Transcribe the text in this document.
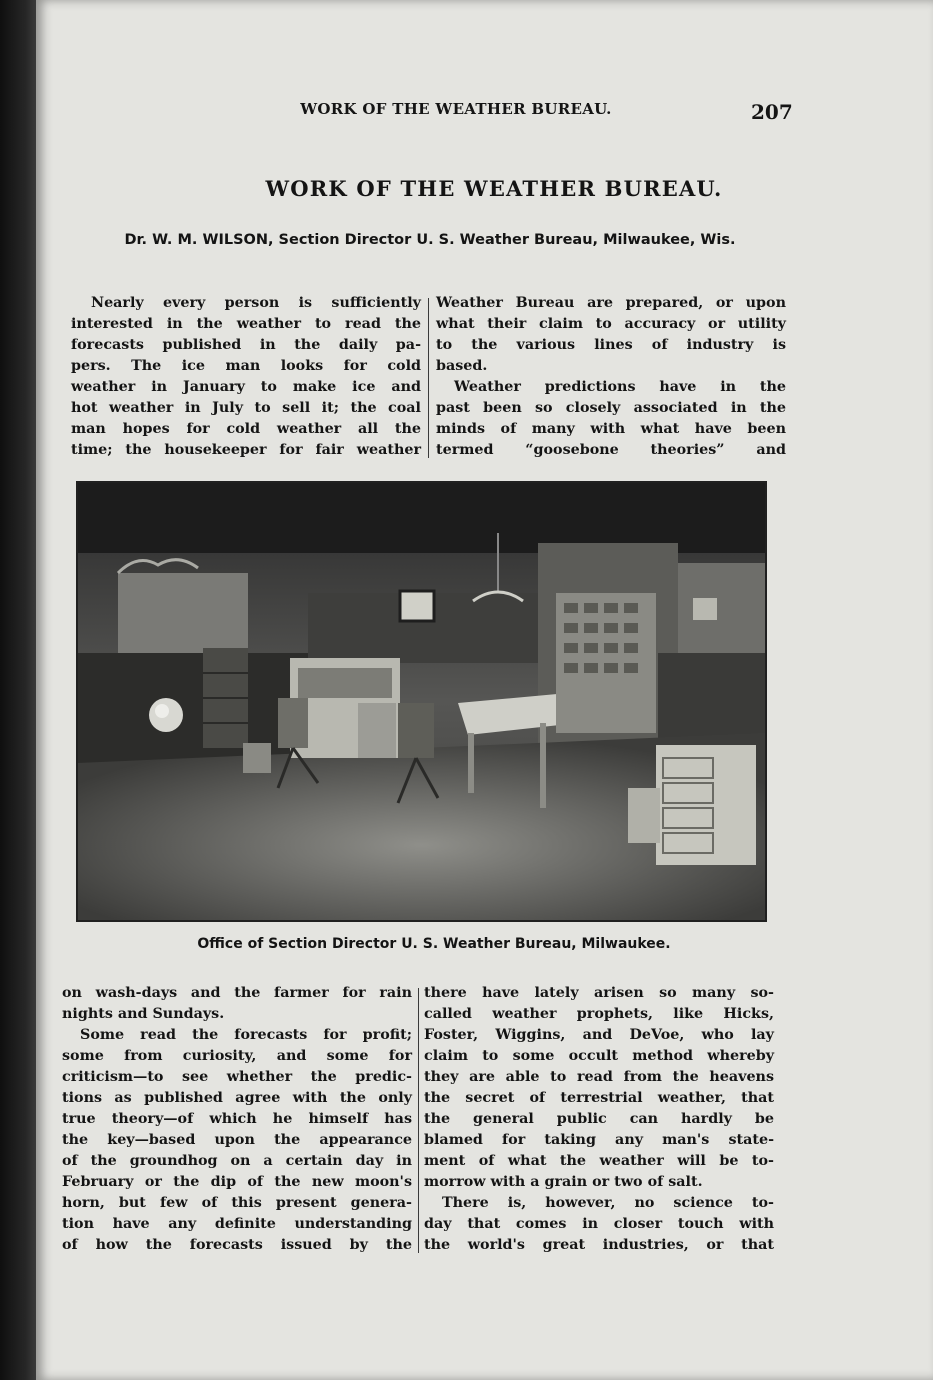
WORK OF THE WEATHER BUREAU.	207
WORK OF THE WEATHER BUREAU.
Dr. W. M. WILSON, Section Director U. S. Weather Bureau, Milwaukee, Wis.

Nearly every person is sufficiently
interested in the weather to read the
forecasts published in the daily pa-
pers. The ice man looks for cold
weather in January to make ice and
hot weather in July to sell it; the coal
man hopes for cold weather all the
time; the housekeeper for fair weather

Weather Bureau are prepared, or upon
what their claim to accuracy or utility
to the various lines of industry is
based.
Weather predictions have in the
past been so closely associated in the
minds of many with what have been
termed “goosebone theories” and

Office of Section Director U. S. Weather Bureau, Milwaukee.

on wash-days and the farmer for rain
nights and Sundays.
Some read the forecasts for profit;
some from curiosity, and some for
criticism—to see whether the predic-
tions as published agree with the only
true theory—of which he himself has
the key—based upon the appearance
of the groundhog on a certain day in
February or the dip of the new moon's
horn, but few of this present genera-
tion have any definite understanding
of how the forecasts issued by the

there have lately arisen so many so-
called weather prophets, like Hicks,
Foster, Wiggins, and DeVoe, who lay
claim to some occult method whereby
they are able to read from the heavens
the secret of terrestrial weather, that
the general public can hardly be
blamed for taking any man's state-
ment of what the weather will be to-
morrow with a grain or two of salt.
There is, however, no science to-
day that comes in closer touch with
the world's great industries, or that
